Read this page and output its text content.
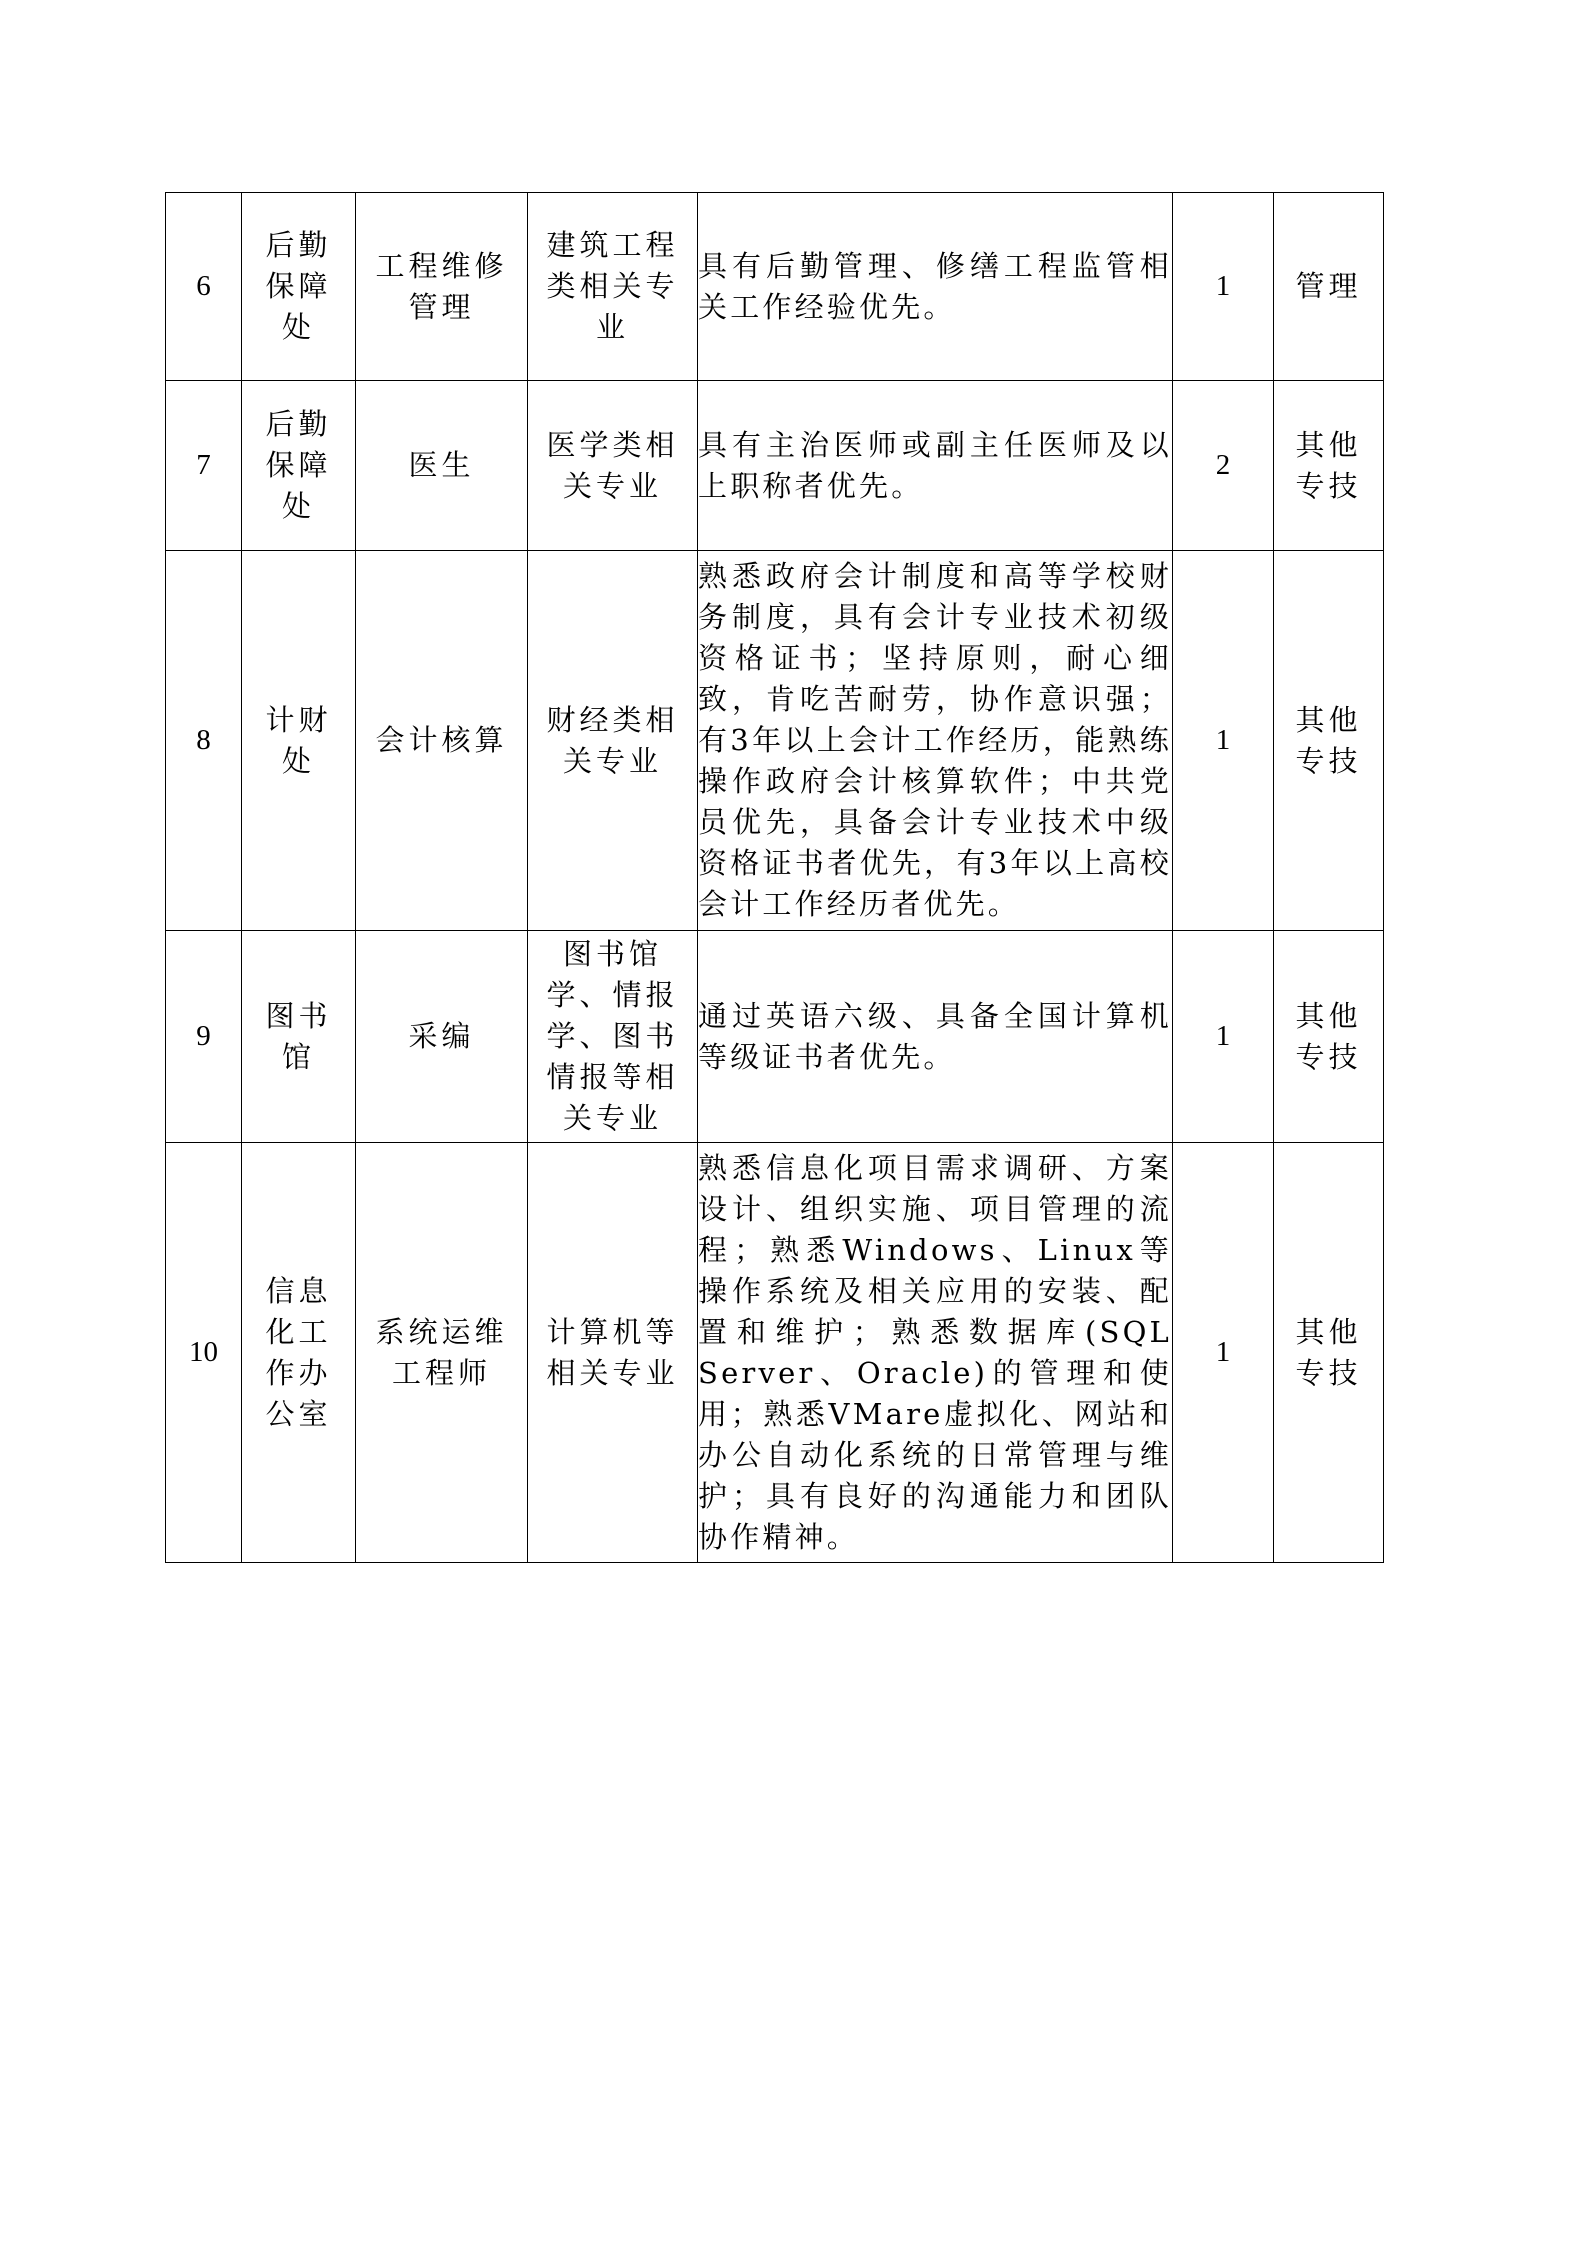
6	后勤保障处	工程维修管理	建筑工程类相关专业	具有后勤管理、修缮工程监管相关工作经验优先。	1	管理

7	后勤保障处	医生	医学类相关专业	具有主治医师或副主任医师及以上职称者优先。	2	其他专技

8	计财处	会计核算	财经类相关专业	熟悉政府会计制度和高等学校财务制度，具有会计专业技术初级资格证书；坚持原则，耐心细致，肯吃苦耐劳，协作意识强；有3年以上会计工作经历，能熟练操作政府会计核算软件；中共党员优先，具备会计专业技术中级资格证书者优先，有3年以上高校会计工作经历者优先。	1	其他专技

9	图书馆	采编	图书馆学、情报学、图书情报等相关专业	通过英语六级、具备全国计算机等级证书者优先。	1	其他专技

10	信息化工作办公室	系统运维工程师	计算机等相关专业	熟悉信息化项目需求调研、方案设计、组织实施、项目管理的流程；熟悉Windows、Linux等操作系统及相关应用的安装、配置和维护；熟悉数据库(SQL Server、Oracle)的管理和使用；熟悉VMare虚拟化、网站和办公自动化系统的日常管理与维护；具有良好的沟通能力和团队协作精神。	1	其他专技
